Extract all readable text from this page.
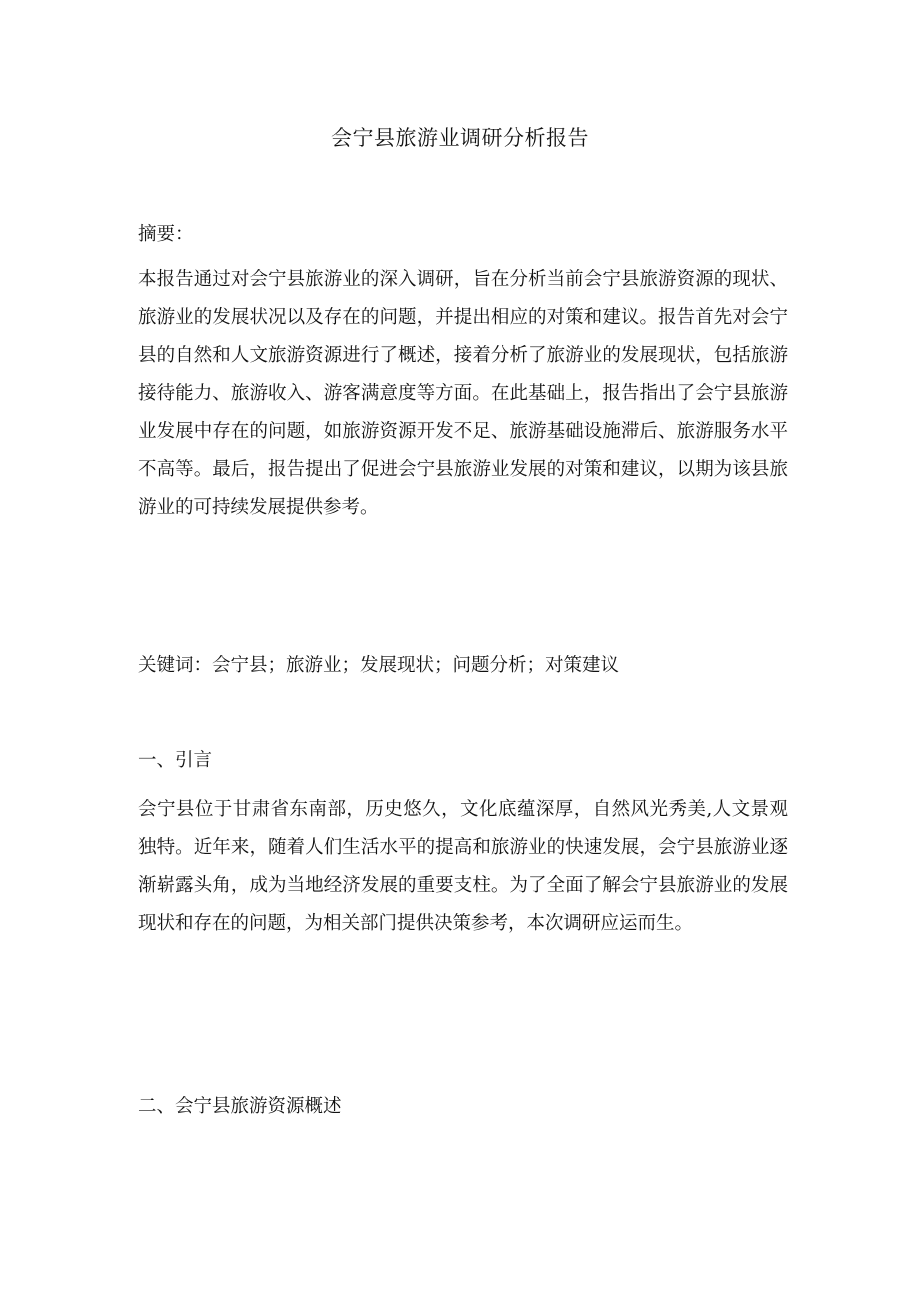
会宁县旅游业调研分析报告

摘要：

本报告通过对会宁县旅游业的深入调研，旨在分析当前会宁县旅游资源的现状、旅游业的发展状况以及存在的问题，并提出相应的对策和建议。报告首先对会宁县的自然和人文旅游资源进行了概述，接着分析了旅游业的发展现状，包括旅游接待能力、旅游收入、游客满意度等方面。在此基础上，报告指出了会宁县旅游业发展中存在的问题，如旅游资源开发不足、旅游基础设施滞后、旅游服务水平不高等。最后，报告提出了促进会宁县旅游业发展的对策和建议，以期为该县旅游业的可持续发展提供参考。

关键词：会宁县；旅游业；发展现状；问题分析；对策建议

一、引言

会宁县位于甘肃省东南部，历史悠久，文化底蕴深厚，自然风光秀美,人文景观独特。近年来，随着人们生活水平的提高和旅游业的快速发展，会宁县旅游业逐渐崭露头角，成为当地经济发展的重要支柱。为了全面了解会宁县旅游业的发展现状和存在的问题，为相关部门提供决策参考，本次调研应运而生。

二、会宁县旅游资源概述
